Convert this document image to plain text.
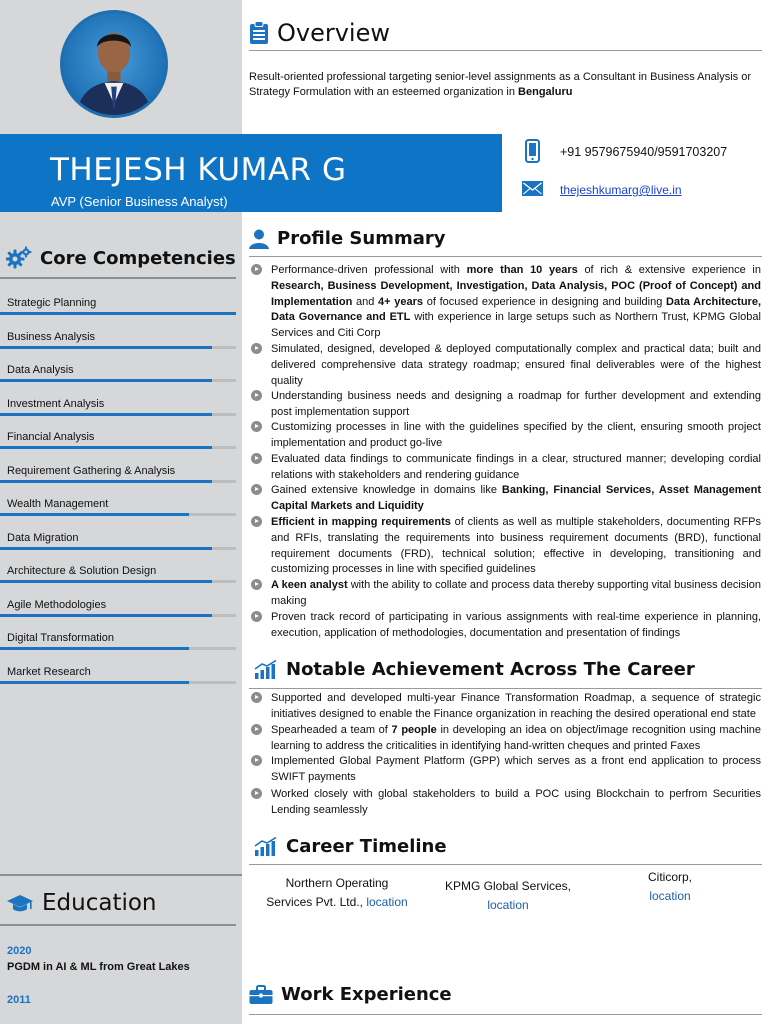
THEJESH KUMAR G
AVP (Senior Business Analyst)
Core Competencies
Strategic Planning
Business Analysis
Data Analysis
Investment Analysis
Financial Analysis
Requirement Gathering & Analysis
Wealth Management
Data Migration
Architecture & Solution Design
Agile Methodologies
Digital Transformation
Market Research
Education
2020
PGDM in AI & ML from Great Lakes
2011
Overview
Result-oriented professional targeting senior-level assignments as a Consultant in Business Analysis or Strategy Formulation with an esteemed organization in Bengaluru
+91 9579675940/9591703207
thejeshkumarg@live.in
Profile Summary
Performance-driven professional with more than 10 years of rich & extensive experience in Research, Business Development, Investigation, Data Analysis, POC (Proof of Concept) and Implementation and 4+ years of focused experience in designing and building Data Architecture, Data Governance and ETL with experience in large setups such as Northern Trust, KPMG Global Services and Citi Corp
Simulated, designed, developed & deployed computationally complex and practical data; built and delivered comprehensive data strategy roadmap; ensured final deliverables were of the highest quality
Understanding business needs and designing a roadmap for further development and extending post implementation support
Customizing processes in line with the guidelines specified by the client, ensuring smooth project implementation and product go-live
Evaluated data findings to communicate findings in a clear, structured manner; developing cordial relations with stakeholders and rendering guidance
Gained extensive knowledge in domains like Banking, Financial Services, Asset Management Capital Markets and Liquidity
Efficient in mapping requirements of clients as well as multiple stakeholders, documenting RFPs and RFIs, translating the requirements into business requirement documents (BRD), functional requirement documents (FRD), technical solution; effective in developing, transitioning and customizing processes in line with specified guidelines
A keen analyst with the ability to collate and process data thereby supporting vital business decision making
Proven track record of participating in various assignments with real-time experience in planning, execution, application of methodologies, documentation and presentation of findings
Notable Achievement Across The Career
Supported and developed multi-year Finance Transformation Roadmap, a sequence of strategic initiatives designed to enable the Finance organization in reaching the desired operational end state
Spearheaded a team of 7 people in developing an idea on object/image recognition using machine learning to address the criticalities in identifying hand-written cheques and printed Faxes
Implemented Global Payment Platform (GPP) which serves as a front end application to process SWIFT payments
Worked closely with global stakeholders to build a POC using Blockchain to perfrom Securities Lending seamlessly
Career Timeline
Northern Operating
Services Pvt. Ltd., location
KPMG Global Services,
location
Citicorp,
location
Work Experience
